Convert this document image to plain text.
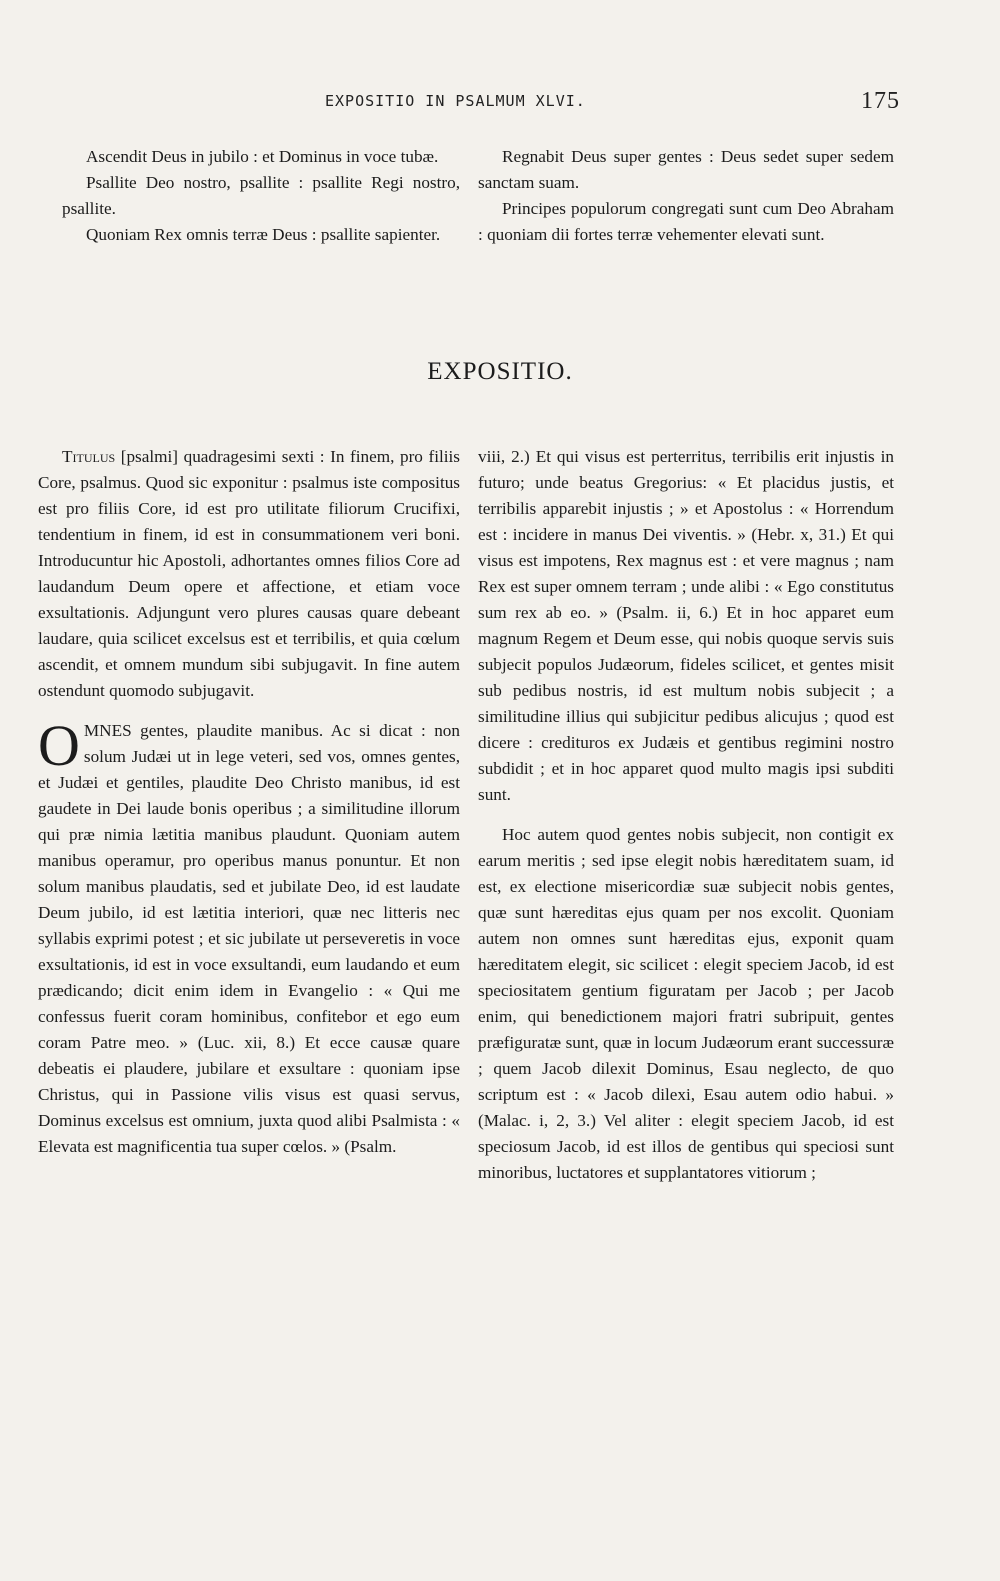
EXPOSITIO IN PSALMUM XLVI.	175

Ascendit Deus in jubilo : et Dominus in voce tubæ.

Psallite Deo nostro, psallite : psallite Regi nostro, psallite.

Quoniam Rex omnis terræ Deus : psallite sapienter.

Regnabit Deus super gentes : Deus sedet super sedem sanctam suam.

Principes populorum congregati sunt cum Deo Abraham : quoniam dii fortes terræ vehementer elevati sunt.

EXPOSITIO.

Titulus [psalmi] quadragesimi sexti : In finem, pro filiis Core, psalmus. Quod sic exponitur : psalmus iste compositus est pro filiis Core, id est pro utilitate filiorum Crucifixi, tendentium in finem, id est in consummationem veri boni. Introducuntur hic Apostoli, adhortantes omnes filios Core ad laudandum Deum opere et affectione, et etiam voce exsultationis. Adjungunt vero plures causas quare debeant laudare, quia scilicet excelsus est et terribilis, et quia cœlum ascendit, et omnem mundum sibi subjugavit. In fine autem ostendunt quomodo subjugavit.

OMNES gentes, plaudite manibus. Ac si dicat : non solum Judæi ut in lege veteri, sed vos, omnes gentes, et Judæi et gentiles, plaudite Deo Christo manibus, id est gaudete in Dei laude bonis operibus ; a similitudine illorum qui præ nimia lætitia manibus plaudunt. Quoniam autem manibus operamur, pro operibus manus ponuntur. Et non solum manibus plaudatis, sed et jubilate Deo, id est laudate Deum jubilo, id est lætitia interiori, quæ nec litteris nec syllabis exprimi potest ; et sic jubilate ut perseveretis in voce exsultationis, id est in voce exsultandi, eum laudando et eum prædicando; dicit enim idem in Evangelio : « Qui me confessus fuerit coram hominibus, confitebor et ego eum coram Patre meo. » (Luc. xii, 8.) Et ecce causæ quare debeatis ei plaudere, jubilare et exsultare : quoniam ipse Christus, qui in Passione vilis visus est quasi servus, Dominus excelsus est omnium, juxta quod alibi Psalmista : « Elevata est magnificentia tua super cœlos. » (Psalm.

viii, 2.) Et qui visus est perterritus, terribilis erit injustis in futuro; unde beatus Gregorius: « Et placidus justis, et terribilis apparebit injustis ; » et Apostolus : « Horrendum est : incidere in manus Dei viventis. » (Hebr. x, 31.) Et qui visus est impotens, Rex magnus est : et vere magnus ; nam Rex est super omnem terram ; unde alibi : « Ego constitutus sum rex ab eo. » (Psalm. ii, 6.) Et in hoc apparet eum magnum Regem et Deum esse, qui nobis quoque servis suis subjecit populos Judæorum, fideles scilicet, et gentes misit sub pedibus nostris, id est multum nobis subjecit ; a similitudine illius qui subjicitur pedibus alicujus ; quod est dicere : credituros ex Judæis et gentibus regimini nostro subdidit ; et in hoc apparet quod multo magis ipsi subditi sunt.

Hoc autem quod gentes nobis subjecit, non contigit ex earum meritis ; sed ipse elegit nobis hæreditatem suam, id est, ex electione misericordiæ suæ subjecit nobis gentes, quæ sunt hæreditas ejus quam per nos excolit. Quoniam autem non omnes sunt hæreditas ejus, exponit quam hæreditatem elegit, sic scilicet : elegit speciem Jacob, id est speciositatem gentium figuratam per Jacob ; per Jacob enim, qui benedictionem majori fratri subripuit, gentes præfiguratæ sunt, quæ in locum Judæorum erant successuræ ; quem Jacob dilexit Dominus, Esau neglecto, de quo scriptum est : « Jacob dilexi, Esau autem odio habui. » (Malac. i, 2, 3.) Vel aliter : elegit speciem Jacob, id est speciosum Jacob, id est illos de gentibus qui speciosi sunt minoribus, luctatores et supplantatores vitiorum ;
